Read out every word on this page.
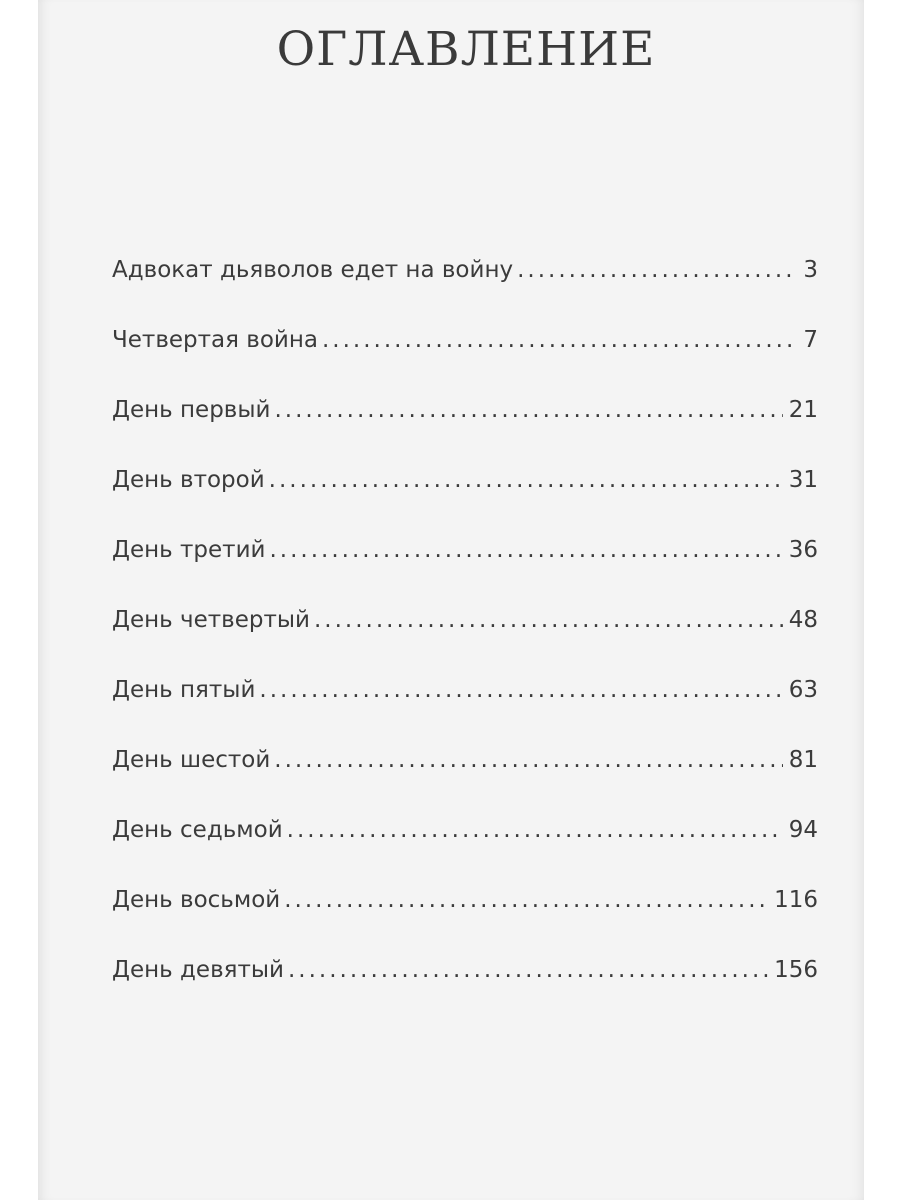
ОГЛАВЛЕНИЕ
Адвокат дьяволов едет на войну .....	3
Четвертая война .....	7
День первый .....	21
День второй .....	31
День третий .....	36
День четвертый .....	48
День пятый .....	63
День шестой .....	81
День седьмой .....	94
День восьмой .....	116
День девятый .....	156
